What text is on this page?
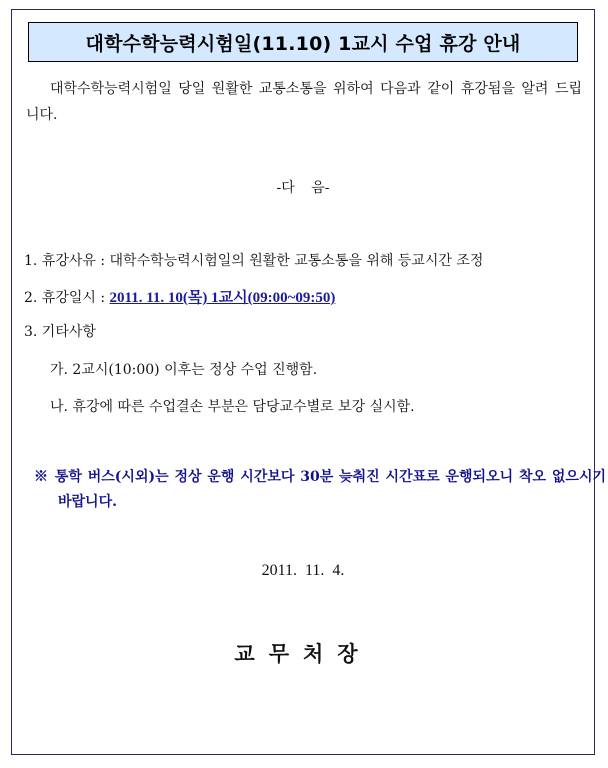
대학수학능력시험일(11.10) 1교시 수업 휴강 안내
대학수학능력시험일 당일 원활한 교통소통을 위하여 다음과 같이 휴강됨을 알려 드립니다.
-다 음-
1. 휴강사유 : 대학수학능력시험일의 원활한 교통소통을 위해 등교시간 조정
2. 휴강일시 : 2011. 11. 10(목) 1교시(09:00~09:50)
3. 기타사항
가. 2교시(10:00) 이후는 정상 수업 진행함.
나. 휴강에 따른 수업결손 부분은 담당교수별로 보강 실시함.
※ 통학 버스(시외)는 정상 운행 시간보다 30분 늦춰진 시간표로 운행되오니 착오 없으시기 바랍니다.
2011. 11. 4.
교무처장
